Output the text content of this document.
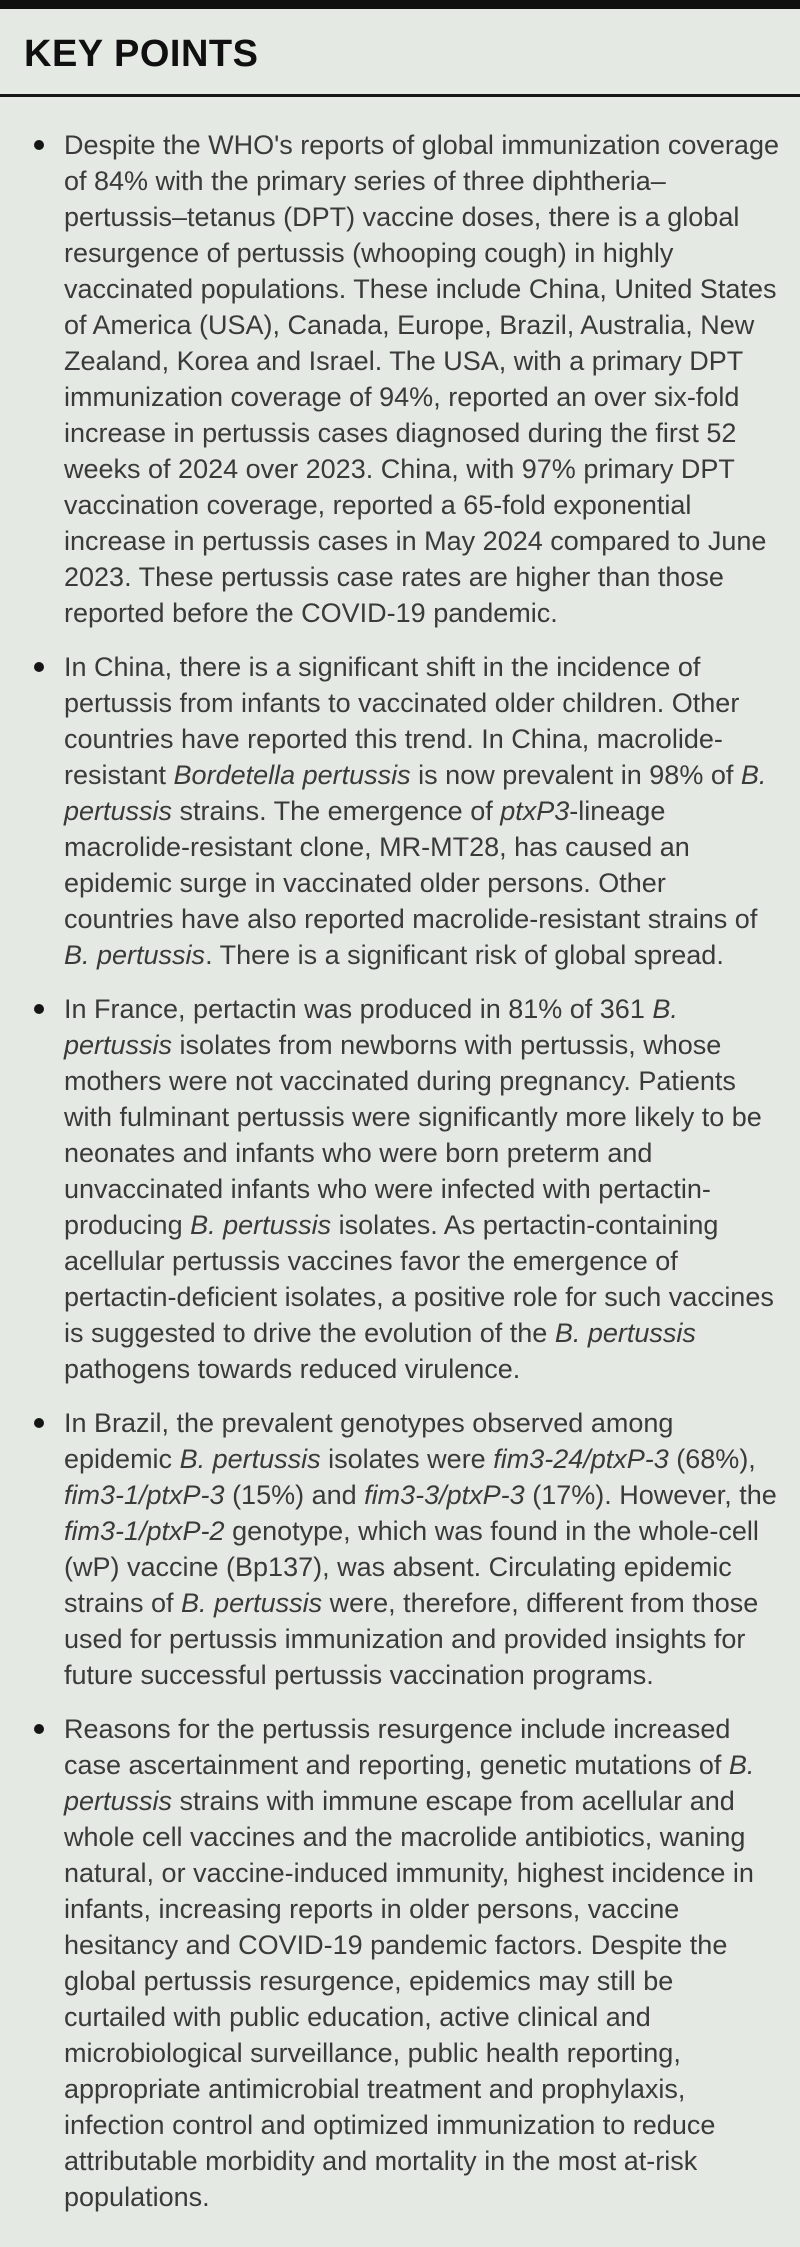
KEY POINTS
Despite the WHO's reports of global immunization coverage of 84% with the primary series of three diphtheria–pertussis–tetanus (DPT) vaccine doses, there is a global resurgence of pertussis (whooping cough) in highly vaccinated populations. These include China, United States of America (USA), Canada, Europe, Brazil, Australia, New Zealand, Korea and Israel. The USA, with a primary DPT immunization coverage of 94%, reported an over six-fold increase in pertussis cases diagnosed during the first 52 weeks of 2024 over 2023. China, with 97% primary DPT vaccination coverage, reported a 65-fold exponential increase in pertussis cases in May 2024 compared to June 2023. These pertussis case rates are higher than those reported before the COVID-19 pandemic.
In China, there is a significant shift in the incidence of pertussis from infants to vaccinated older children. Other countries have reported this trend. In China, macrolide-resistant Bordetella pertussis is now prevalent in 98% of B. pertussis strains. The emergence of ptxP3-lineage macrolide-resistant clone, MR-MT28, has caused an epidemic surge in vaccinated older persons. Other countries have also reported macrolide-resistant strains of B. pertussis. There is a significant risk of global spread.
In France, pertactin was produced in 81% of 361 B. pertussis isolates from newborns with pertussis, whose mothers were not vaccinated during pregnancy. Patients with fulminant pertussis were significantly more likely to be neonates and infants who were born preterm and unvaccinated infants who were infected with pertactin-producing B. pertussis isolates. As pertactin-containing acellular pertussis vaccines favor the emergence of pertactin-deficient isolates, a positive role for such vaccines is suggested to drive the evolution of the B. pertussis pathogens towards reduced virulence.
In Brazil, the prevalent genotypes observed among epidemic B. pertussis isolates were fim3-24/ptxP-3 (68%), fim3-1/ptxP-3 (15%) and fim3-3/ptxP-3 (17%). However, the fim3-1/ptxP-2 genotype, which was found in the whole-cell (wP) vaccine (Bp137), was absent. Circulating epidemic strains of B. pertussis were, therefore, different from those used for pertussis immunization and provided insights for future successful pertussis vaccination programs.
Reasons for the pertussis resurgence include increased case ascertainment and reporting, genetic mutations of B. pertussis strains with immune escape from acellular and whole cell vaccines and the macrolide antibiotics, waning natural, or vaccine-induced immunity, highest incidence in infants, increasing reports in older persons, vaccine hesitancy and COVID-19 pandemic factors. Despite the global pertussis resurgence, epidemics may still be curtailed with public education, active clinical and microbiological surveillance, public health reporting, appropriate antimicrobial treatment and prophylaxis, infection control and optimized immunization to reduce attributable morbidity and mortality in the most at-risk populations.
